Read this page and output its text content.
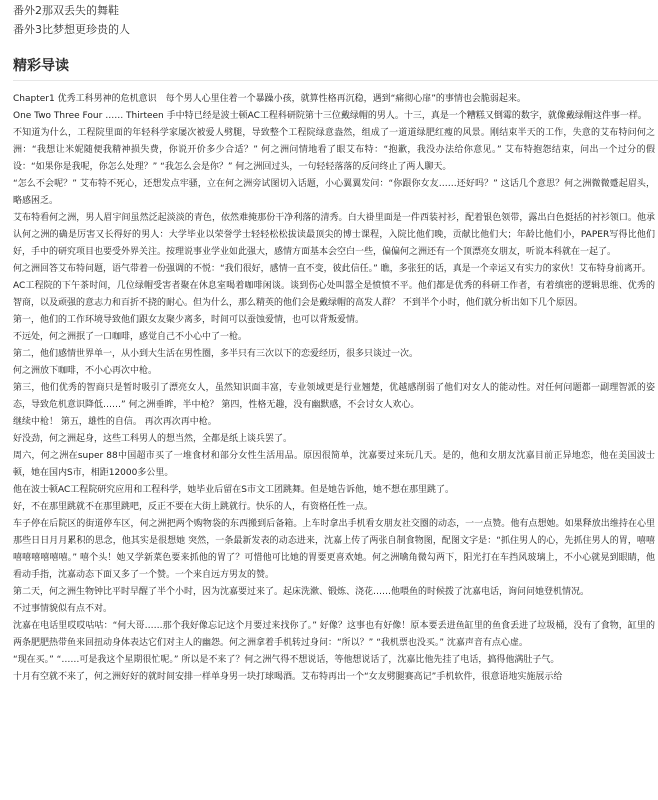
番外2那双丢失的舞鞋
番外3比梦想更珍贵的人
精彩导读

Chapter1 优秀工科男神的危机意识　每个男人心里住着一个暴躁小孩，就算性格再沉稳，遇到“痛彻心扉”的事情也会脆弱起来。

One Two Three Four …… Thirteen 手中特已经是波士顿AC工程科研院第十三位戴绿帽的男人。十三，真是一个糟糕又倒霉的数字，就像戴绿帽这件事一样。

不知道为什么，工程院里面的年轻科学家屡次被爱人劈腿，导致整个工程院绿意盎然，组成了一道道绿肥红瘦的风景。刚结束半天的工作，失意的艾布特问何之洲：“我想让米妮随便我精神损失费，你说开价多少合适？” 何之洲问情地看了眼艾布特：“抱歉，我没办法给你意见。” 艾布特抱怨结束，问出一个过分的假设：“如果你是我呢，你怎么处理？” “我怎么会是你？” 何之洲回过头，一句轻轻落落的反问终止了两人聊天。

“怎么不会呢？” 艾布特不死心，还想发点牢骚，立在何之洲旁试图切入话题，小心翼翼发问：“你跟你女友……还好吗？” 这话几个意思？何之洲微微蹙起眉头，略感困乏。

艾布特看何之洲，男人眉宇间虽然泛起淡淡的青色，依然难掩那份干净利落的清秀。白大褂里面是一件西装衬衫，配着银色领带，露出白色挺括的衬衫领口。他承认何之洲的确是厉害又长得好的男人：大学毕业以荣誉学士轻轻松松拔读最顶尖的博士课程，入院比他们晚，贡献比他们大；年龄比他们小，PAPER写得比他们好，手中的研究项目也要受外界关注。按理说事业学业如此强大，感情方面基本会空白一些，偏偏何之洲还有一个顶漂亮女朋友，听说本科就在一起了。

何之洲回答艾布特问题，语气带着一份强调的不悦：“我们很好，感情一直不变，彼此信任。” 瞧，多张狂的话，真是一个幸运又有实力的家伙！艾布特身前离开。

AC工程院的下午茶时间，几位绿帽受害者聚在休息室喝着咖啡闲谈。谈到伤心处叫嚣全是愤愤不平。他们都是优秀的科研工作者，有着缜密的逻辑思维、优秀的智商，以及顽强的意志力和百折不挠的耐心。但为什么，那么精英的他们会是戴绿帽的高发人群？ 不到半个小时，他们就分析出如下几个原因。

第一，他们的工作环境导致他们跟女友聚少离多，时间可以蚕蚀爱情，也可以背叛爱情。

不远处，何之洲抿了一口咖啡，感觉自己不小心中了一枪。

第二，他们感情世界单一，从小到大生活在男性圈，多半只有三次以下的恋爱经历，很多只谈过一次。

何之洲放下咖啡，不小心再次中枪。

第三，他们优秀的智商只是暂时吸引了漂亮女人，虽然知识面丰富，专业领域更是行业翘楚，优越感削弱了他们对女人的能动性。对任何问题都一副理智派的姿态，导致危机意识降低……” 何之洲垂眸，半中枪？ 第四，性格无趣，没有幽默感，不会讨女人欢心。

继续中枪！ 第五，雄性的自信。 再次再次再中枪。

好没劲，何之洲起身，这些工科男人的想当然，全都是纸上谈兵罢了。

周六，何之洲在super 88中国超市买了一堆食材和部分女性生活用品。原因很简单，沈嘉要过来玩几天。是的，他和女朋友沈嘉目前正异地恋，他在美国波士顿，她在国内S市，相距12000多公里。

他在波士顿AC工程院研究应用和工程科学，她毕业后留在S市文工团跳舞。但是她告诉他，她不想在那里跳了。

好，不在那里跳就不在那里跳吧，反正不要在大街上跳就行。快乐的人，有资格任性一点。

车子停在后院区的街道停车区，何之洲把两个购物袋的东西搬到后备箱。上车时拿出手机看女朋友社交圈的动态，一一点赞。他有点想她。如果释放出维持在心里那些日日月月累积的思念，他其实是很想她 突然，一条最新发表的动态进来，沈嘉上传了两张自制食物图，配图文字是：“抓住男人的心，先抓住男人的胃，嘻嘻嘻嘻嘻嘻嘻嘻。” 嘻个头！她又学新菜色要来抓他的胃了？可惜他可比她的胃要更喜欢她。何之洲噙角微勾两下，阳光打在车挡风玻璃上，不小心就晃到眼睛，他看动手指，沈嘉动态下面又多了一个赞。一个来自远方男友的赞。

第二天，何之洲生物钟比平时早醒了半个小时，因为沈嘉要过来了。起床洗漱、锻炼、浇花……他喂鱼的时候拨了沈嘉电话，询问问她登机情况。

不过事情貌似有点不对。

沈嘉在电话里哎哎咕咕：“何大哥……那个我好像忘记这个月要过来找你了。” 好像？这事也有好像！原本要丢进鱼缸里的鱼食丢进了垃圾桶，没有了食物，缸里的两条肥肥热带鱼来回扭动身体表达它们对主人的幽怨。何之洲拿着手机转过身问：“所以？” “我机票也没买。” 沈嘉声音有点心虚。

“现在买。” “……可是我这个星期很忙呢。” 所以是不来了？何之洲气得不想说话，等他想说话了，沈嘉比他先挂了电话，搞得他满肚子气。

十月有空就不来了，何之洲好好的就时间安排一样单身男一块打球喝酒。艾布特再出一个“女友劈腿赛高记”手机软件，很意语地实施展示给
